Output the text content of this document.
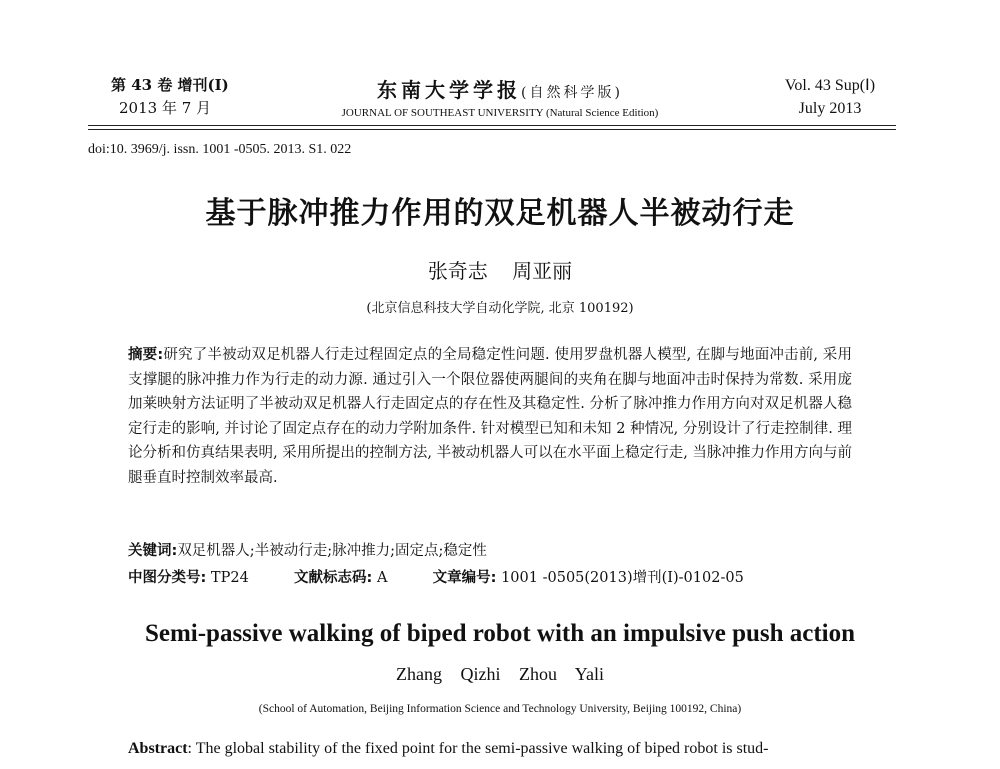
第 43 卷 增刊(Ⅰ)
2013 年 7 月
东南大学学报(自然科学版)
JOURNAL OF SOUTHEAST UNIVERSITY (Natural Science Edition)
Vol. 43 Sup(Ⅰ)
July 2013
doi:10. 3969/j. issn. 1001 -0505. 2013. S1. 022
基于脉冲推力作用的双足机器人半被动行走
张奇志 周亚丽
(北京信息科技大学自动化学院, 北京 100192)
摘要:研究了半被动双足机器人行走过程固定点的全局稳定性问题. 使用罗盘机器人模型, 在脚与地面冲击前, 采用支撑腿的脉冲推力作为行走的动力源. 通过引入一个限位器使两腿间的夹角在脚与地面冲击时保持为常数. 采用庞加莱映射方法证明了半被动双足机器人行走固定点的存在性及其稳定性. 分析了脉冲推力作用方向对双足机器人稳定行走的影响, 并讨论了固定点存在的动力学附加条件. 针对模型已知和未知 2 种情况, 分别设计了行走控制律. 理论分析和仿真结果表明, 采用所提出的控制方法, 半被动机器人可以在水平面上稳定行走, 当脉冲推力作用方向与前腿垂直时控制效率最高.
关键词:双足机器人;半被动行走;脉冲推力;固定点;稳定性
中图分类号: TP24	文献标志码: A	文章编号: 1001 -0505(2013)增刊(Ⅰ)-0102-05
Semi-passive walking of biped robot with an impulsive push action
Zhang Qizhi Zhou Yali
(School of Automation, Beijing Information Science and Technology University, Beijing 100192, China)
Abstract: The global stability of the fixed point for the semi-passive walking of biped robot is stud-
